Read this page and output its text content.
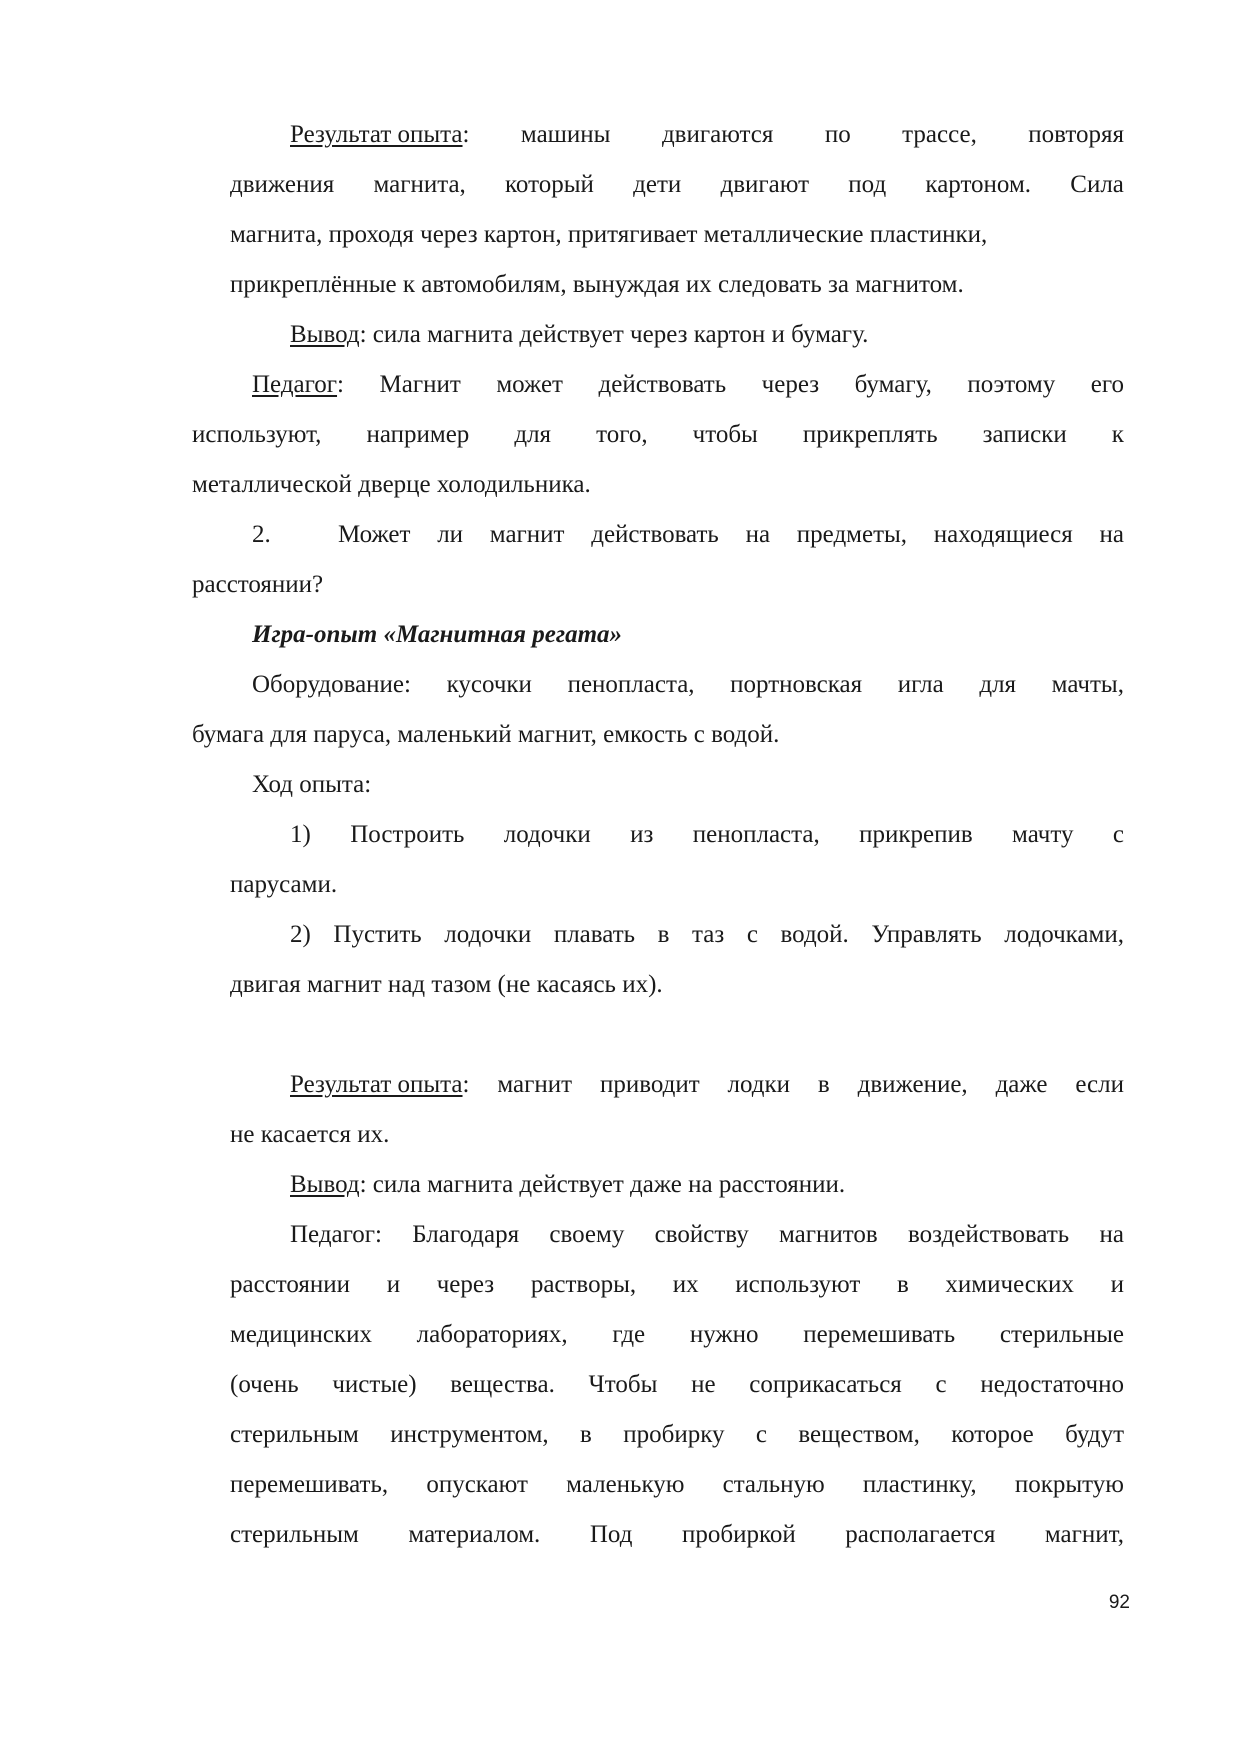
Результат опыта: машины двигаются по трассе, повторяя
движения магнита, который дети двигают под картоном. Сила
магнита, проходя через картон, притягивает металлические пластинки,
прикреплённые к автомобилям, вынуждая их следовать за магнитом.
Вывод: сила магнита действует через картон и бумагу.
Педагог: Магнит может действовать через бумагу, поэтому его
используют, например для того, чтобы прикреплять записки к
металлической дверце холодильника.
2.	Может ли магнит действовать на предметы, находящиеся на
расстоянии?
Игра-опыт «Магнитная регата»
Оборудование: кусочки пенопласта, портновская игла для мачты,
бумага для паруса, маленький магнит, емкость с водой.
Ход опыта:
1) Построить лодочки из пенопласта, прикрепив мачту с
парусами.
2) Пустить лодочки плавать в таз с водой. Управлять лодочками,
двигая магнит над тазом (не касаясь их).
Результат опыта : магнит приводит лодки в движение, даже если
не касается их.
Вывод: сила магнита действует даже на расстоянии.
Педагог: Благодаря своему свойству магнитов воздействовать на
расстоянии и через растворы, их используют в химических и
медицинских лабораториях, где нужно перемешивать стерильные
(очень чистые) вещества. Чтобы не соприкасаться с недостаточно
стерильным инструментом, в пробирку с веществом, которое будут
перемешивать, опускают маленькую стальную пластинку, покрытую
стерильным материалом. Под пробиркой располагается магнит,
92
